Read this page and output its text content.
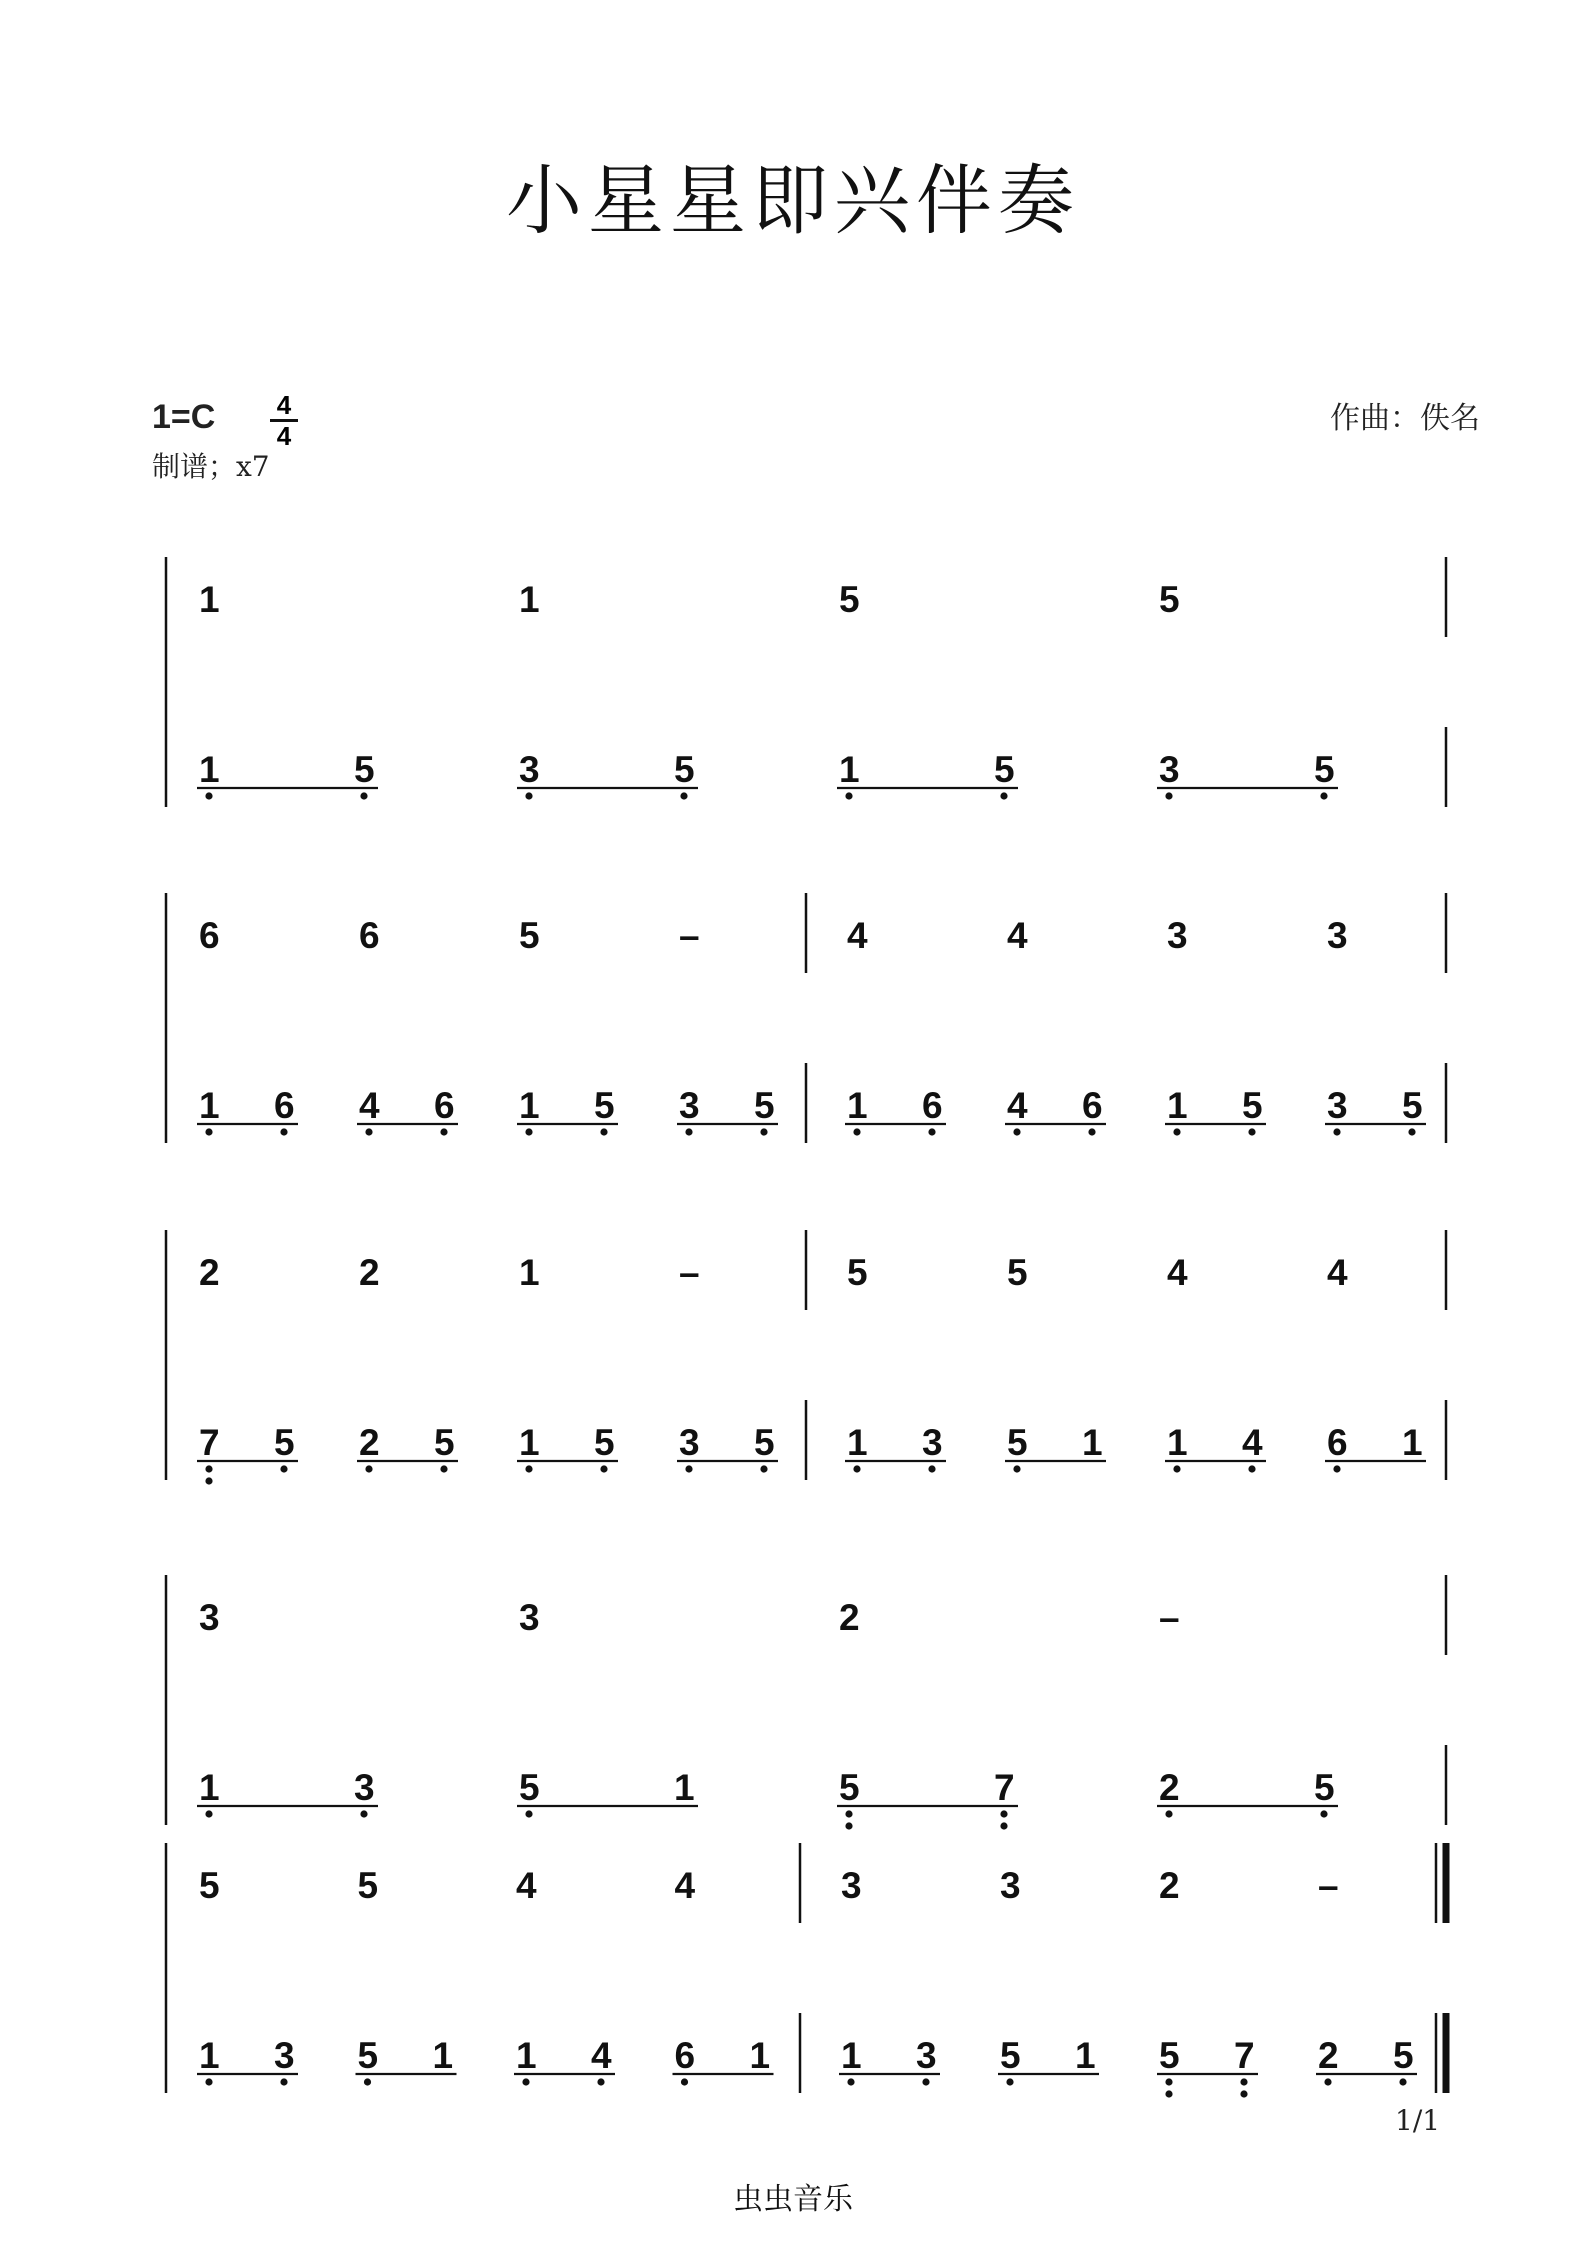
小星星即兴伴奏
1=C 4
4
制谱；x7
作曲：佚名
1	1	5	5
1	5	3	5	1	5	3	5
6	6	5	–	4	4	3	3
1 6 4 6 1 5 3 5 1 6 4 6 1 5 3 5
2	2	1	–	5	5	4	4
7 5 2 5 1 5 3 5 1 3 5 1 1 4 6 1
3	3	2	–
1	3	5	1	5	7	2	5
5	5	4	4	3	3	2	–
1 3 5 1 1 4 6 1 1 3 5 1 5 7 2 5
1/1
虫虫音乐
